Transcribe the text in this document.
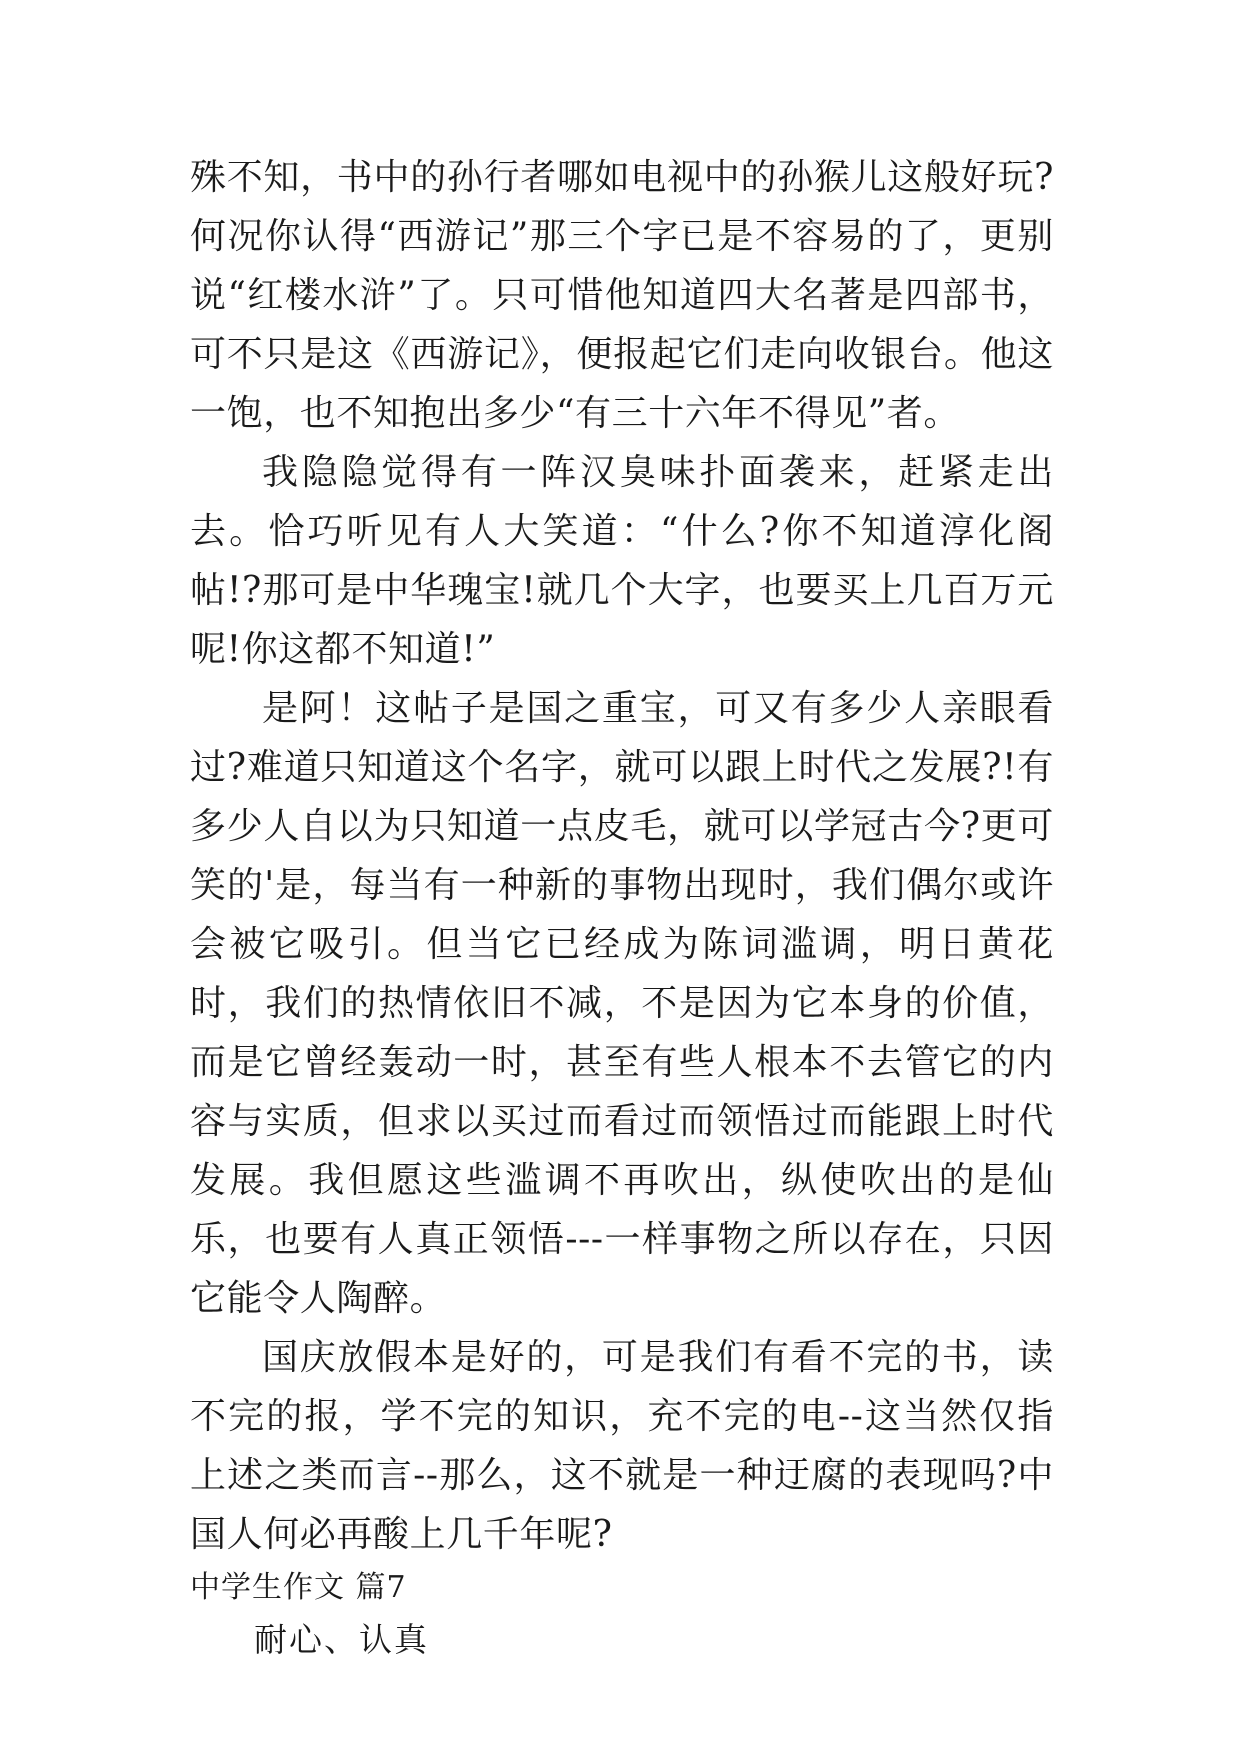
殊不知，书中的孙行者哪如电视中的孙猴儿这般好玩?何况你认得“西游记”那三个字已是不容易的了，更别说“红楼水浒”了。只可惜他知道四大名著是四部书，可不只是这《西游记》，便报起它们走向收银台。他这一饱，也不知抱出多少“有三十六年不得见”者。

我隐隐觉得有一阵汉臭味扑面袭来，赶紧走出去。恰巧听见有人大笑道：“什么?你不知道淳化阁帖!?那可是中华瑰宝!就几个大字，也要买上几百万元呢!你这都不知道!”

是阿！这帖子是国之重宝，可又有多少人亲眼看过?难道只知道这个名字，就可以跟上时代之发展?!有多少人自以为只知道一点皮毛，就可以学冠古今?更可笑的'是，每当有一种新的事物出现时，我们偶尔或许会被它吸引。但当它已经成为陈词滥调，明日黄花时，我们的热情依旧不减，不是因为它本身的价值，而是它曾经轰动一时，甚至有些人根本不去管它的内容与实质，但求以买过而看过而领悟过而能跟上时代发展。我但愿这些滥调不再吹出，纵使吹出的是仙乐，也要有人真正领悟---一样事物之所以存在，只因它能令人陶醉。

国庆放假本是好的，可是我们有看不完的书，读不完的报，学不完的知识，充不完的电--这当然仅指上述之类而言--那么，这不就是一种迂腐的表现吗?中国人何必再酸上几千年呢?

中学生作文 篇7
耐心、认真
